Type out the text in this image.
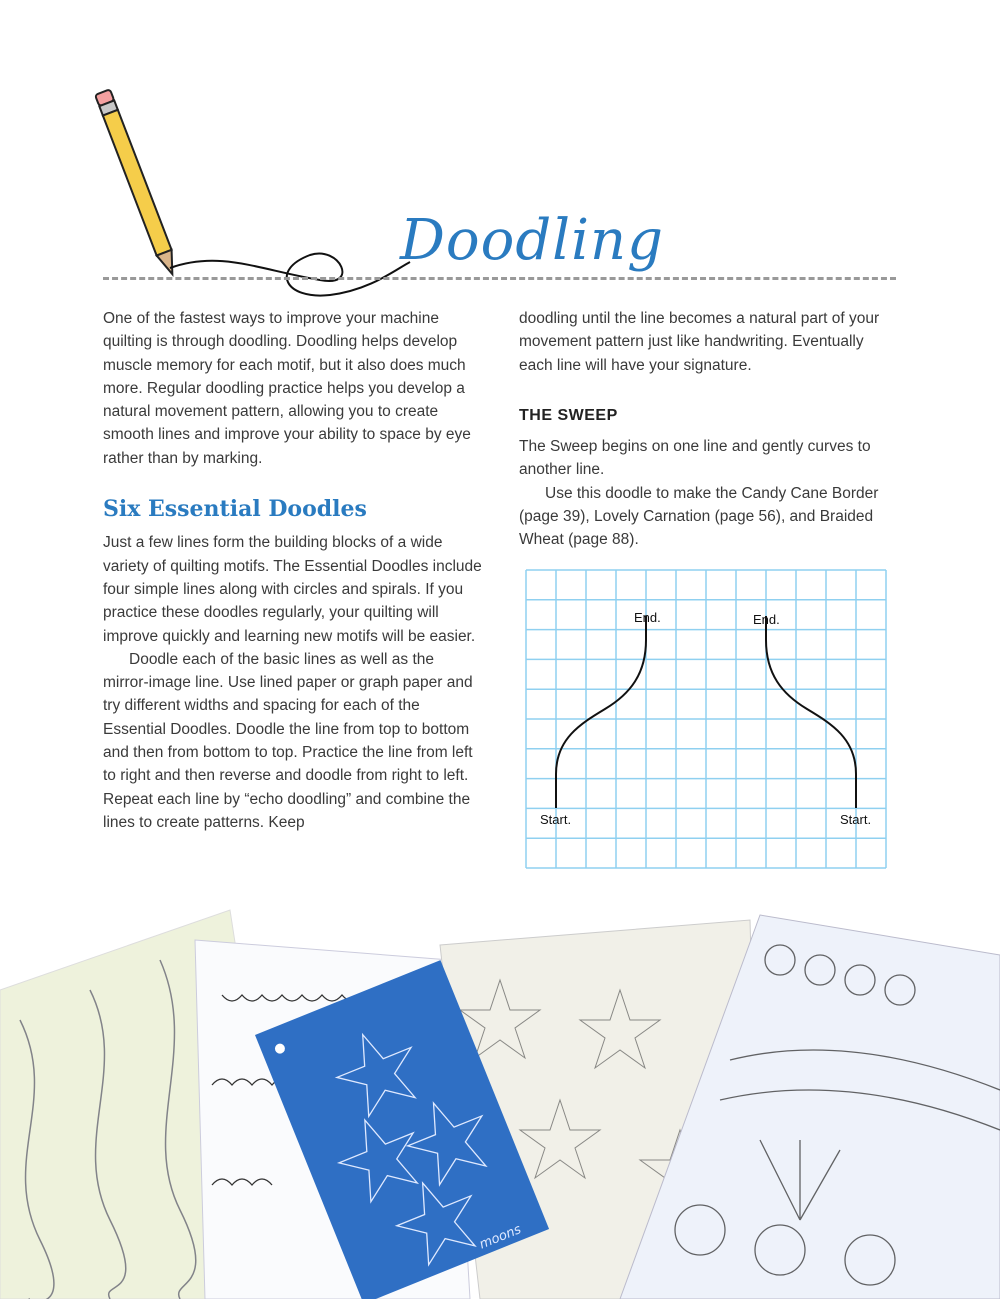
Doodling

One of the fastest ways to improve your machine quilting is through doodling. Doodling helps develop muscle memory for each motif, but it also does much more. Regular doodling practice helps you develop a natural movement pattern, allowing you to create smooth lines and improve your ability to space by eye rather than by marking.

Six Essential Doodles

Just a few lines form the building blocks of a wide variety of quilting motifs. The Essential Doodles include four simple lines along with circles and spirals. If you practice these doodles regularly, your quilting will improve quickly and learning new motifs will be easier.

Doodle each of the basic lines as well as the mirror-image line. Use lined paper or graph paper and try different widths and spacing for each of the Essential Doodles. Doodle the line from top to bottom and then from bottom to top. Practice the line from left to right and then reverse and doodle from right to left. Repeat each line by “echo doodling” and combine the lines to create patterns. Keep

doodling until the line becomes a natural part of your movement pattern just like handwriting. Eventually each line will have your signature.

THE SWEEP

The Sweep begins on one line and gently curves to another line.

Use this doodle to make the Candy Cane Border (page 39), Lovely Carnation (page 56), and Braided Wheat (page 88).

End.	End.
Start.	Start.
moons
